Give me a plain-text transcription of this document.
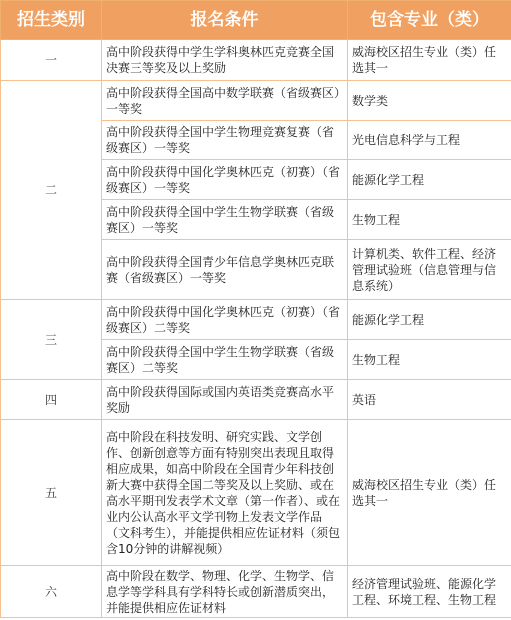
招生类别	报名条件	包含专业（类）
一	高中阶段获得中学生学科奥林匹克竞赛全国决赛三等奖及以上奖励	威海校区招生专业（类）任选其一
二	高中阶段获得全国高中数学联赛（省级赛区）一等奖	数学类
	高中阶段获得全国中学生物理竞赛复赛（省级赛区）一等奖	光电信息科学与工程
	高中阶段获得中国化学奥林匹克（初赛）（省级赛区）一等奖	能源化学工程
	高中阶段获得全国中学生生物学联赛（省级赛区）一等奖	生物工程
	高中阶段获得全国青少年信息学奥林匹克联赛（省级赛区）一等奖	计算机类、软件工程、经济管理试验班（信息管理与信息系统）
三	高中阶段获得中国化学奥林匹克（初赛）（省级赛区）二等奖	能源化学工程
	高中阶段获得全国中学生生物学联赛（省级赛区）二等奖	生物工程
四	高中阶段获得国际或国内英语类竞赛高水平奖励	英语
五	高中阶段在科技发明、研究实践、文学创作、创新创意等方面有特别突出表现且取得相应成果，如高中阶段在全国青少年科技创新大赛中获得全国二等奖及以上奖励、或在高水平期刊发表学术文章（第一作者）、或在业内公认高水平文学刊物上发表文学作品（文科考生），并能提供相应佐证材料（须包含10分钟的讲解视频）	威海校区招生专业（类）任选其一
六	高中阶段在数学、物理、化学、生物学、信息学等学科具有学科特长或创新潜质突出，并能提供相应佐证材料	经济管理试验班、能源化学工程、环境工程、生物工程
